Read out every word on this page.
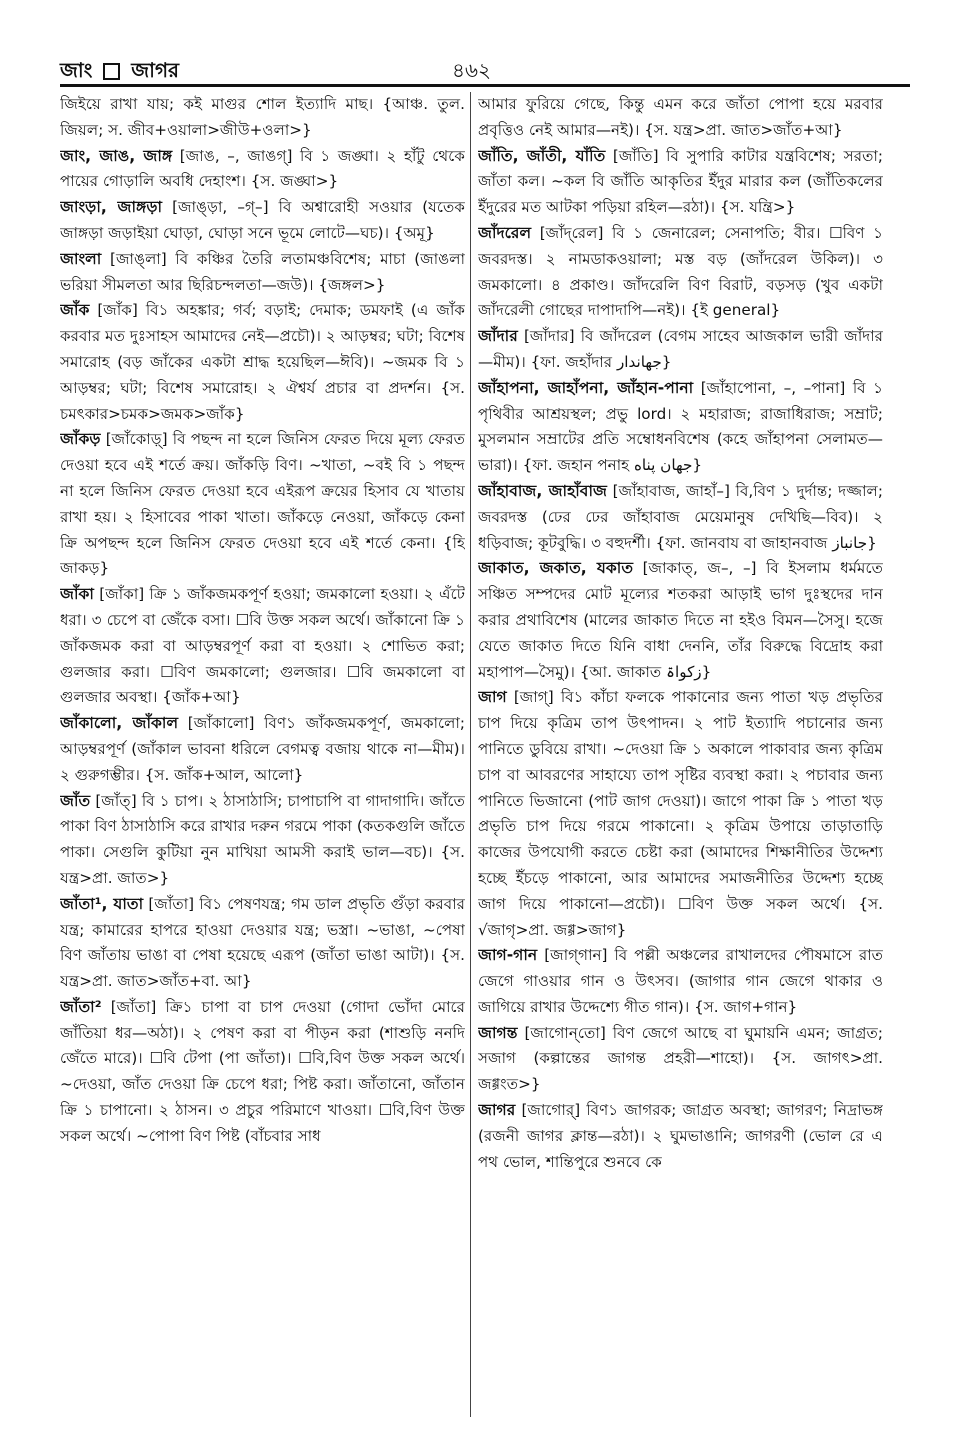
জাং জাগর	৪৬২

জিইয়ে রাখা যায়; কই মাগুর শোল ইত্যাদি মাছ। {আঞ্চ. তুল. জিয়ল; স. জীব+ওয়ালা>জীউ+ওলা>}

জাং, জাঙ, জাঙ্গ [জাঙ, –, জাঙগ্] বি ১ জঙ্ঘা। ২ হাঁটু থেকে পায়ের গোড়ালি অবধি দেহাংশ। {স. জঙ্ঘা>}

জাংড়া, জাঙ্গড়া [জাঙ্‌ড়া, –গ্–] বি অশ্বারোহী সওয়ার (যতেক জাঙ্গড়া জড়াইয়া ঘোড়া, ঘোড়া সনে ভূমে লোটে—ঘচ)। {অমূ}

জাংলা [জাঙ্‌লা] বি কঞ্চির তৈরি লতামঞ্চবিশেষ; মাচা (জাঙলা ভরিয়া সীমলতা আর ছিরিচন্দলতা—জউ)। {জঙ্গল>}

জাঁক [জাঁক] বি১ অহঙ্কার; গর্ব; বড়াই; দেমাক; ডমফাই (এ জাঁক করবার মত দুঃসাহস আমাদের নেই—প্রচৌ)। ২ আড়ম্বর; ঘটা; বিশেষ সমারোহ (বড় জাঁকের একটা শ্রাদ্ধ হয়েছিল—ঈবি)। ~জমক বি ১ আড়ম্বর; ঘটা; বিশেষ সমারোহ। ২ ঐশ্বর্য প্রচার বা প্রদর্শন। {স. চমৎকার>চমক>জমক>জাঁক}

জাঁকড় [জাঁকোড়্] বি পছন্দ না হলে জিনিস ফেরত দিয়ে মূল্য ফেরত দেওয়া হবে এই শর্তে ক্রয়। জাঁকড়ি বিণ। ~খাতা, ~বই বি ১ পছন্দ না হলে জিনিস ফেরত দেওয়া হবে এইরূপ ক্রয়ের হিসাব যে খাতায় রাখা হয়। ২ হিসাবের পাকা খাতা। জাঁকড়ে নেওয়া, জাঁকড়ে কেনা ক্রি অপছন্দ হলে জিনিস ফেরত দেওয়া হবে এই শর্তে কেনা। {হি জাকড়}

জাঁকা [জাঁকা] ক্রি ১ জাঁকজমকপূর্ণ হওয়া; জমকালো হওয়া। ২ এঁটে ধরা। ৩ চেপে বা জেঁকে বসা। ☐বি উক্ত সকল অর্থে। জাঁকানো ক্রি ১ জাঁকজমক করা বা আড়ম্বরপূর্ণ করা বা হওয়া। ২ শোভিত করা; গুলজার করা। ☐বিণ জমকালো; গুলজার। ☐বি জমকালো বা গুলজার অবস্থা। {জাঁক+আ}

জাঁকালো, জাঁকাল [জাঁকালো] বিণ১ জাঁকজমকপূর্ণ, জমকালো; আড়ম্বরপূর্ণ (জাঁকাল ভাবনা ধরিলে বেগমত্ব বজায় থাকে না—মীম)। ২ গুরুগম্ভীর। {স. জাঁক+আল, আলো}

জাঁত [জাঁত্] বি ১ চাপ। ২ ঠাসাঠাসি; চাপাচাপি বা গাদাগাদি। জাঁতে পাকা বিণ ঠাসাঠাসি করে রাখার দরুন গরমে পাকা (কতকগুলি জাঁতে পাকা। সেগুলি কুটিয়া নুন মাখিয়া আমসী করাই ভাল—বচ)। {স. যন্ত্র>প্রা. জাত>}

জাঁতা¹, যাতা [জাঁতা] বি১ পেষণযন্ত্র; গম ডাল প্রভৃতি গুঁড়া করবার যন্ত্র; কামারের হাপরে হাওয়া দেওয়ার যন্ত্র; ভস্ত্রা। ~ভাঙা, ~পেষা বিণ জাঁতায় ভাঙা বা পেষা হয়েছে এরূপ (জাঁতা ভাঙা আটা)। {স. যন্ত্র>প্রা. জাত>জাঁত+বা. আ}

জাঁতা² [জাঁতা] ক্রি১ চাপা বা চাপ দেওয়া (গোদা ভোঁদা মোরে জাঁতিয়া ধর—অঠা)। ২ পেষণ করা বা পীড়ন করা (শাশুড়ি ননদি জেঁতে মারে)। ☐বি টেপা (পা জাঁতা)। ☐বি,বিণ উক্ত সকল অর্থে। ~দেওয়া, জাঁত দেওয়া ক্রি চেপে ধরা; পিষ্ট করা। জাঁতানো, জাঁতান ক্রি ১ চাপানো। ২ ঠাসন। ৩ প্রচুর পরিমাণে খাওয়া। ☐বি,বিণ উক্ত সকল অর্থে। ~পোপা বিণ পিষ্ট (বাঁচবার সাধ

আমার ফুরিয়ে গেছে, কিন্তু এমন করে জাঁতা পোপা হয়ে মরবার প্রবৃত্তিও নেই আমার—নই)। {স. যন্ত্র>প্রা. জাত>জাঁত+আ}

জাঁতি, জাঁতী, যাঁতি [জাঁতি] বি সুপারি কাটার যন্ত্রবিশেষ; সরতা; জাঁতা কল। ~কল বি জাঁতি আকৃতির ইঁদুর মারার কল (জাঁতিকলের ইঁদুরের মত আটকা পড়িয়া রহিল—রঠা)। {স. যন্ত্রি>}

জাঁদরেল [জাঁদ্‌রেল] বি ১ জেনারেল; সেনাপতি; বীর। ☐বিণ ১ জবরদস্ত। ২ নামডাকওয়ালা; মস্ত বড় (জাঁদরেল উকিল)। ৩ জমকালো। ৪ প্রকাণ্ড। জাঁদরেলি বিণ বিরাট, বড়সড় (খুব একটা জাঁদরেলী গোছের দাপাদাপি—নই)। {ই general}

জাঁদার [জাঁদার] বি জাঁদরেল (বেগম সাহেব আজকাল ভারী জাঁদার—মীম)। {ফা. জহাঁদার جهاندار}

জাঁহাপনা, জাহাঁপনা, জাঁহান-পানা [জাঁহাপোনা, –, –পানা] বি ১ পৃথিবীর আশ্রয়স্থল; প্রভু lord। ২ মহারাজ; রাজাধিরাজ; সম্রাট; মুসলমান সম্রাটের প্রতি সম্বোধনবিশেষ (কহে জাঁহাপনা সেলামত—ভারা)। {ফা. জহান পনাহ جهان پناه}

জাঁহাবাজ, জাহাঁবাজ [জাঁহাবাজ, জাহাঁ–] বি,বিণ ১ দুর্দান্ত; দজ্জাল; জবরদস্ত (ঢের ঢের জাঁহাবাজ মেয়েমানুষ দেখিছি—বিব)। ২ ধড়িবাজ; কূটবুদ্ধি। ৩ বহুদর্শী। {ফা. জানবায বা জাহানবাজ جانباز}

জাকাত, জকাত, যকাত [জাকাত্, জ–, –] বি ইসলাম ধর্মমতে সঞ্চিত সম্পদের মোট মূল্যের শতকরা আড়াই ভাগ দুঃস্থদের দান করার প্রথাবিশেষ (মালের জাকাত দিতে না হইও বিমন—সৈসু। হজে যেতে জাকাত দিতে যিনি বাধা দেননি, তাঁর বিরুদ্ধে বিদ্রোহ করা মহাপাপ—সৈমু)। {আ. জাকাত زکواۃ}

জাগ [জাগ্] বি১ কাঁচা ফলকে পাকানোর জন্য পাতা খড় প্রভৃতির চাপ দিয়ে কৃত্রিম তাপ উৎপাদন। ২ পাট ইত্যাদি পচানোর জন্য পানিতে ডুবিয়ে রাখা। ~দেওয়া ক্রি ১ অকালে পাকাবার জন্য কৃত্রিম চাপ বা আবরণের সাহায্যে তাপ সৃষ্টির ব্যবস্থা করা। ২ পচাবার জন্য পানিতে ভিজানো (পাট জাগ দেওয়া)। জাগে পাকা ক্রি ১ পাতা খড় প্রভৃতি চাপ দিয়ে গরমে পাকানো। ২ কৃত্রিম উপায়ে তাড়াতাড়ি কাজের উপযোগী করতে চেষ্টা করা (আমাদের শিক্ষানীতির উদ্দেশ্য হচ্ছে ইঁচড়ে পাকানো, আর আমাদের সমাজনীতির উদ্দেশ্য হচ্ছে জাগ দিয়ে পাকানো—প্রচৌ)। ☐বিণ উক্ত সকল অর্থে। {স. √জাগৃ>প্রা. জগ্গ>জাগ}

জাগ-গান [জাগ্‌গান] বি পল্লী অঞ্চলের রাখালদের পৌষমাসে রাত জেগে গাওয়ার গান ও উৎসব। (জাগার গান জেগে থাকার ও জাগিয়ে রাখার উদ্দেশ্যে গীত গান)। {স. জাগ+গান}

জাগন্ত [জাগোন্‌তো] বিণ জেগে আছে বা ঘুমায়নি এমন; জাগ্রত; সজাগ (কল্পান্তের জাগন্ত প্রহরী—শাহো)। {স. জাগৎ>প্রা. জগ্গংত>}

জাগর [জাগোর্] বিণ১ জাগরক; জাগ্রত অবস্থা; জাগরণ; নিদ্রাভঙ্গ (রজনী জাগর ক্লান্ত—রঠা)। ২ ঘুমভাঙানি; জাগরণী (ভোল রে এ পথ ভোল, শান্তিপুরে শুনবে কে
